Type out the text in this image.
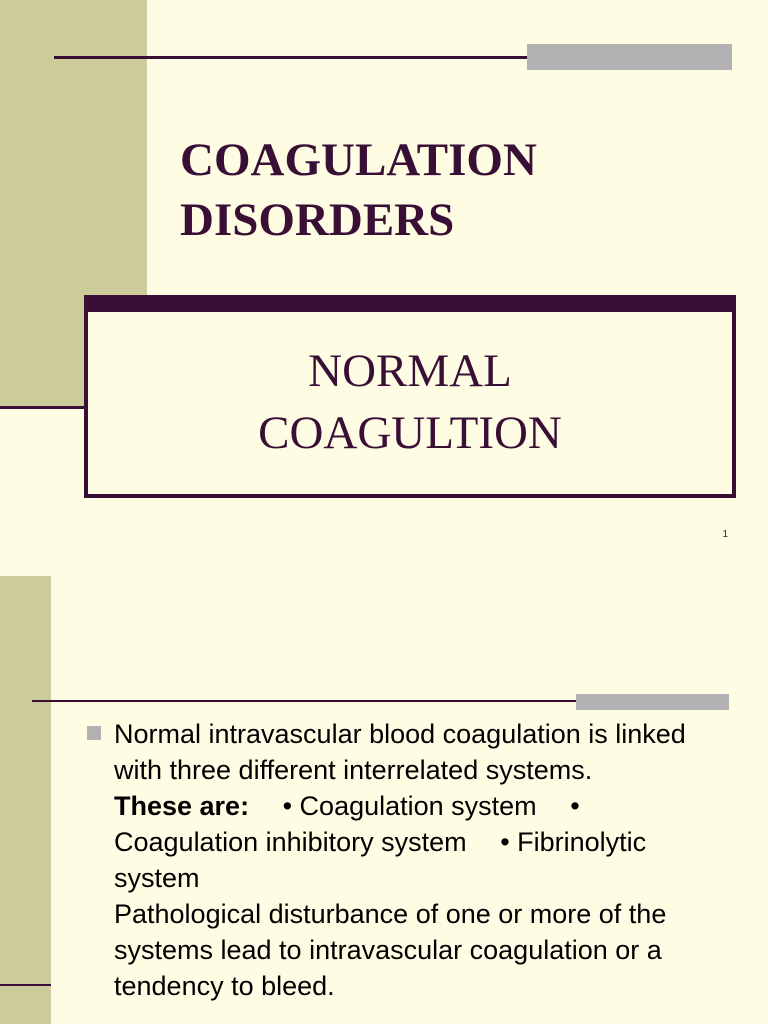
COAGULATION
DISORDERS
NORMAL
COAGULTION
1
Normal intravascular blood coagulation is linked with three different interrelated systems.
These are: • Coagulation system • Coagulation inhibitory system • Fibrinolytic system
Pathological disturbance of one or more of the systems lead to intravascular coagulation or a tendency to bleed.
